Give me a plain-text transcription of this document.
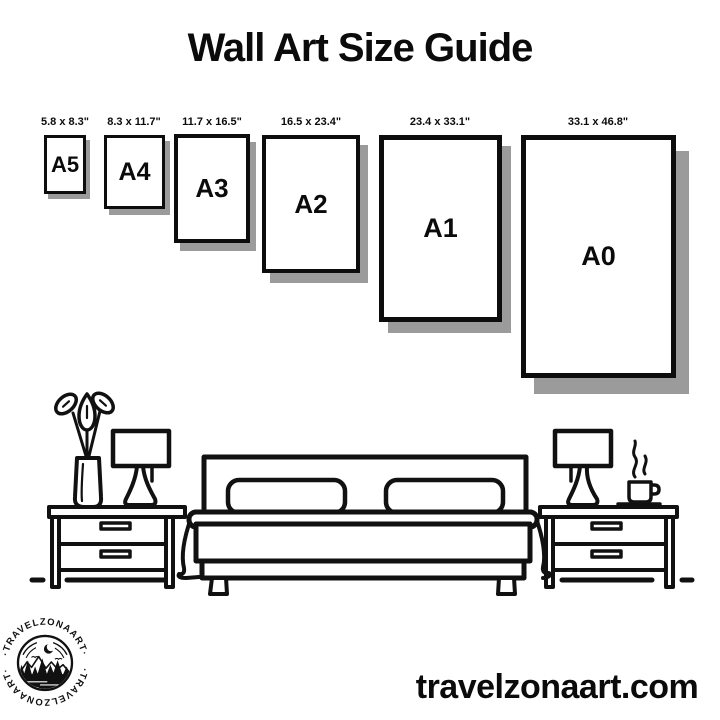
Wall Art Size Guide
5.8 x 8.3" 8.3 x 11.7" 11.7 x 16.5"	16.5 x 23.4"	23.4 x 33.1"	33.1 x 46.8"
A5 A4
A3
A2
A1
A0
·TRAVELZONAART·
·TRAVELZONAART·	travelzonaart.com
